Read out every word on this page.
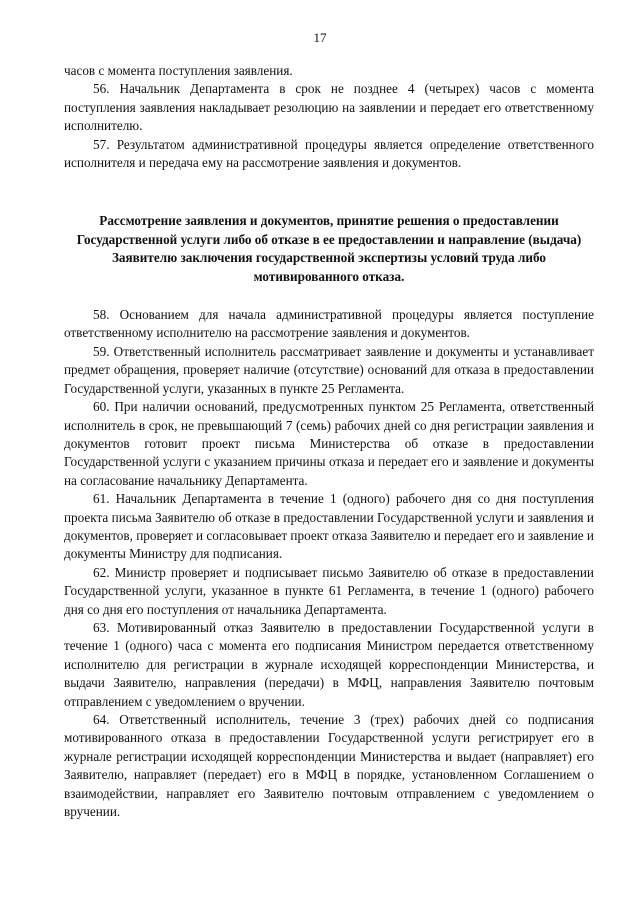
17

часов с момента поступления заявления.

56. Начальник Департамента в срок не позднее 4 (четырех) часов с момента поступления заявления накладывает резолюцию на заявлении и передает его ответственному исполнителю.

57. Результатом административной процедуры является определение ответственного исполнителя и передача ему на рассмотрение заявления и документов.

Рассмотрение заявления и документов, принятие решения о предоставлении Государственной услуги либо об отказе в ее предоставлении и направление (выдача) Заявителю заключения государственной экспертизы условий труда либо мотивированного отказа.

58. Основанием для начала административной процедуры является поступление ответственному исполнителю на рассмотрение заявления и документов.

59. Ответственный исполнитель рассматривает заявление и документы и устанавливает предмет обращения, проверяет наличие (отсутствие) оснований для отказа в предоставлении Государственной услуги, указанных в пункте 25 Регламента.

60. При наличии оснований, предусмотренных пунктом 25 Регламента, ответственный исполнитель в срок, не превышающий 7 (семь) рабочих дней со дня регистрации заявления и документов готовит проект письма Министерства об отказе в предоставлении Государственной услуги с указанием причины отказа и передает его и заявление и документы на согласование начальнику Департамента.

61. Начальник Департамента в течение 1 (одного) рабочего дня со дня поступления проекта письма Заявителю об отказе в предоставлении Государственной услуги и заявления и документов, проверяет и согласовывает проект отказа Заявителю и передает его и заявление и документы Министру для подписания.

62. Министр проверяет и подписывает письмо Заявителю об отказе в предоставлении Государственной услуги, указанное в пункте 61 Регламента, в течение 1 (одного) рабочего дня со дня его поступления от начальника Департамента.

63. Мотивированный отказ Заявителю в предоставлении Государственной услуги в течение 1 (одного) часа с момента его подписания Министром передается ответственному исполнителю для регистрации в журнале исходящей корреспонденции Министерства, и выдачи Заявителю, направления (передачи) в МФЦ, направления Заявителю почтовым отправлением с уведомлением о вручении.

64. Ответственный исполнитель, течение 3 (трех) рабочих дней со подписания мотивированного отказа в предоставлении Государственной услуги регистрирует его в журнале регистрации исходящей корреспонденции Министерства и выдает (направляет) его Заявителю, направляет (передает) его в МФЦ в порядке, установленном Соглашением о взаимодействии, направляет его Заявителю почтовым отправлением с уведомлением о вручении.
